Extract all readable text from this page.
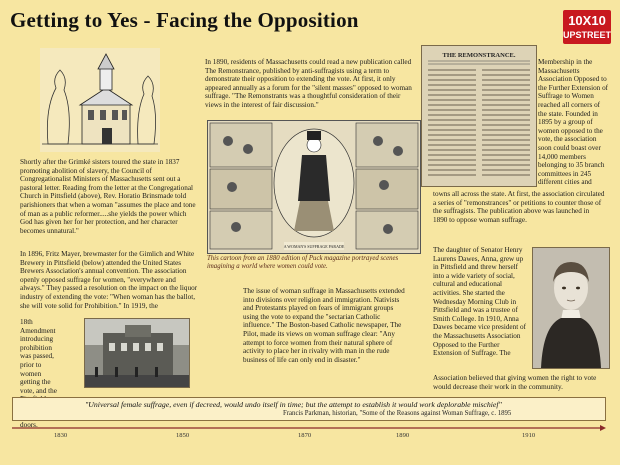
Getting to Yes - Facing the Opposition	10X10
UPSTREET
Shortly after the Grimké sisters toured the state in 1837 promoting abolition of slavery, the Council of Congregationalist Ministers of Massachusetts sent out a pastoral letter. Reading from the letter at the Congregational Church in Pittsfield (above), Rev. Horatio Brinsmade told parishioners that when a woman "assumes the place and tone of man as a public reformer.....she yields the power which God has given her for her protection, and her character becomes unnatural."
In 1896, Fritz Mayer, brewmaster for the Gimlich and White Brewery in Pittsfield (below) attended the United States Brewers Association's annual convention. The association openly opposed suffrage for women, "everywhere and always." They passed a resolution on the impact on the liquor industry of extending the vote: "When woman has the ballot, she will vote solid for Prohibition." In 1919, the
18th Amendment introducing prohibition was passed, prior to women getting the vote, and the doors.
A WOMAN'S SUFFRAGE PARADE
This cartoon from an 1880 edition of Puck magazine portrayed scenes imagining a world where women could vote.
In 1890, residents of Massachusetts could read a new publication called The Remonstrance, published by anti-suffragists using a term to demonstrate their opposition to extending the vote. At first, it only appeared annually as a forum for the "silent masses" opposed to woman suffrage. "The Remonstrants was a thoughtful consideration of their views in the interest of fair discussion."
THE REMONSTRANCE.
Membership in the Massachusetts Association Opposed to the Further Extension of Suffrage to Women reached all corners of the state. Founded in 1895 by a group of women opposed to the vote, the association soon could boast over 14,000 members belonging to 35 branch committees in 245 different cities and
towns all across the state. At first, the association circulated a series of "remonstrances" or petitions to counter those of the suffragists. The publication above was launched in 1890 to oppose woman suffrage.
The issue of woman suffrage in Massachusetts extended into divisions over religion and immigration. Nativists and Protestants played on fears of immigrant groups using the vote to expand the "sectarian Catholic influence." The Boston-based Catholic newspaper, The Pilot, made its views on woman suffrage clear: "Any attempt to force women from their natural sphere of activity to place her in rivalry with man in the rude business of life can only end in disaster."
The daughter of Senator Henry Laurens Dawes, Anna, grew up in Pittsfield and threw herself into a wide variety of social, cultural and educational activities. She started the Wednesday Morning Club in Pittsfield and was a trustee of Smith College. In 1910, Anna Dawes became vice president of the Massachusetts Association Opposed to the Further Extension of Suffrage. The
Association believed that giving women the right to vote would decrease their work in the community.
"Universal female suffrage, even if decreed, would undo itself in time; but the attempt to establish it would work deplorable mischief"
Francis Parkman, historian, "Some of the Reasons against Woman Suffrage, c. 1895
1830	1850	1870	1890	1910
